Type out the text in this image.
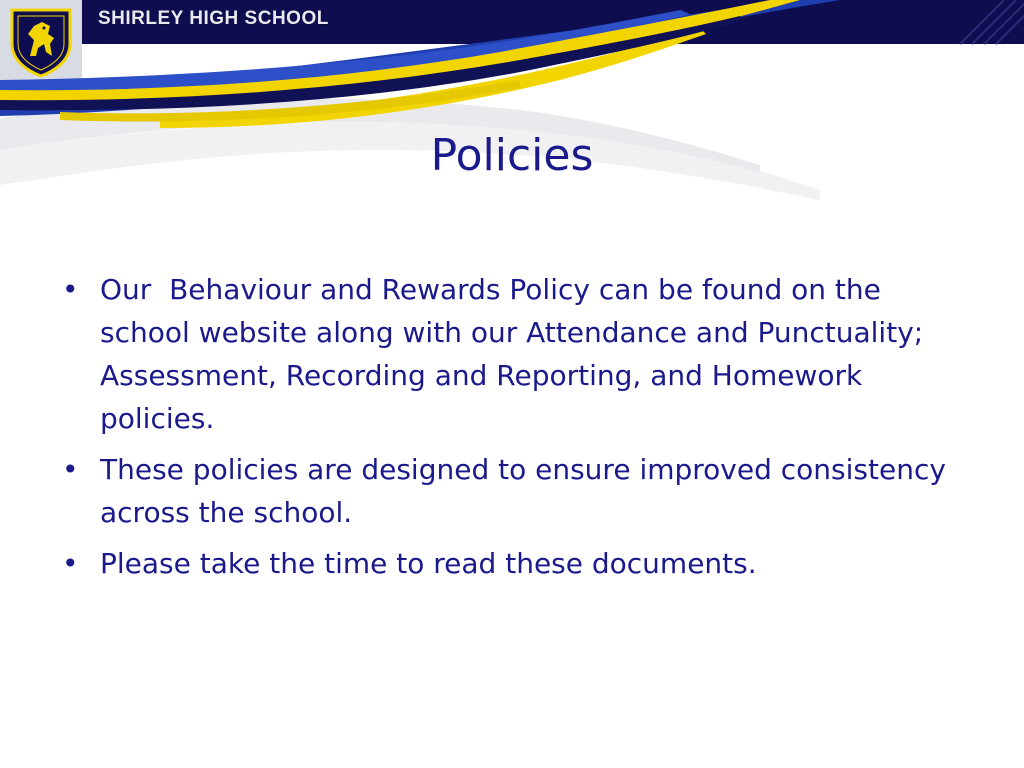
SHIRLEY HIGH SCHOOL
Policies
• Our  Behaviour and Rewards Policy can be found on the school website along with our Attendance and Punctuality; Assessment, Recording and Reporting, and Homework policies.
• These policies are designed to ensure improved consistency across the school.
• Please take the time to read these documents.
